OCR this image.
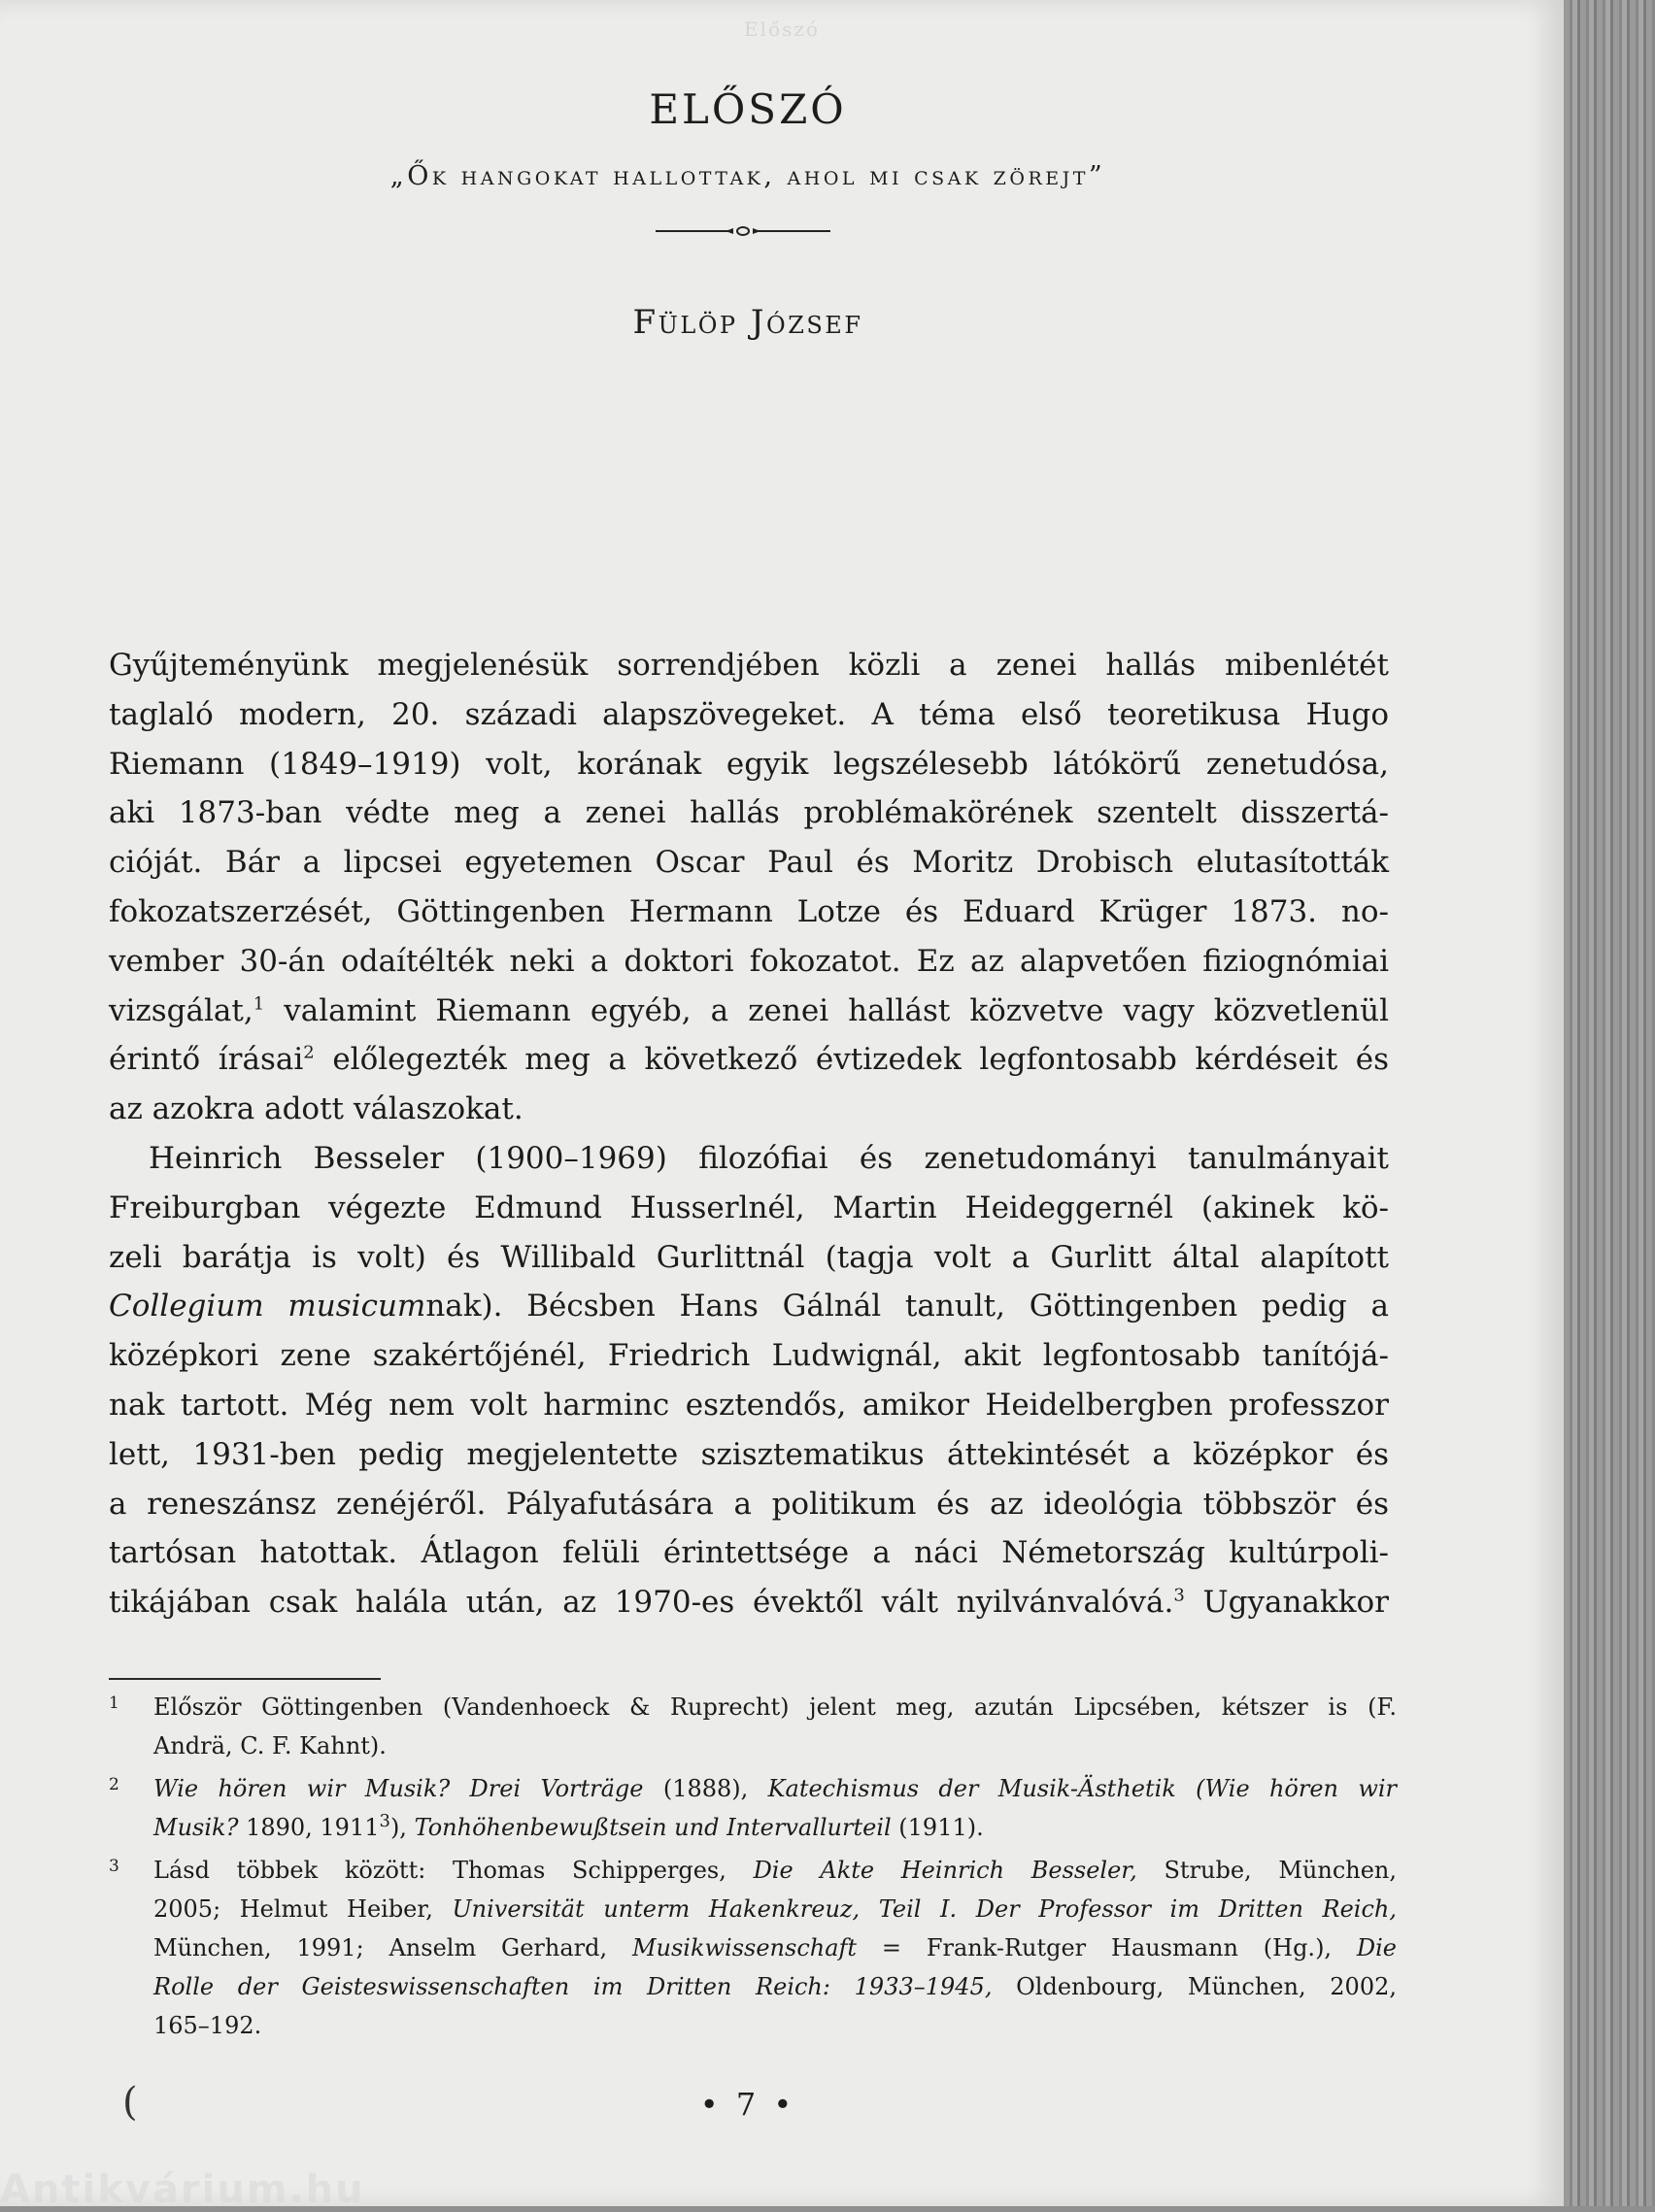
Előszó
ELŐSZÓ
„Ők hangokat hallottak, ahol mi csak zörejt”
Fülöp József
Gyűjteményünk megjelenésük sorrendjében közli a zenei hallás mibenlétét
taglaló modern, 20. századi alapszövegeket. A téma első teoretikusa Hugo
Riemann (1849–1919) volt, korának egyik legszélesebb látókörű zenetudósa,
aki 1873-ban védte meg a zenei hallás problémakörének szentelt disszertá-
cióját. Bár a lipcsei egyetemen Oscar Paul és Moritz Drobisch elutasították
fokozatszerzését, Göttingenben Hermann Lotze és Eduard Krüger 1873. no-
vember 30-án odaítélték neki a doktori fokozatot. Ez az alapvetően fiziognómiai
vizsgálat,$^1$ valamint Riemann egyéb, a zenei hallást közvetve vagy közvetlenül
érintő írásai$^2$ előlegezték meg a következő évtizedek legfontosabb kérdéseit és
az azokra adott válaszokat.
Heinrich Besseler (1900–1969) filozófiai és zenetudományi tanulmányait
Freiburgban végezte Edmund Husserlnél, Martin Heideggernél (akinek kö-
zeli barátja is volt) és Willibald Gurlittnál (tagja volt a Gurlitt által alapított
Collegium musicumnak). Bécsben Hans Gálnál tanult, Göttingenben pedig a
középkori zene szakértőjénél, Friedrich Ludwignál, akit legfontosabb tanítójá-
nak tartott. Még nem volt harminc esztendős, amikor Heidelbergben professzor
lett, 1931-ben pedig megjelentette szisztematikus áttekintését a középkor és
a reneszánsz zenéjéről. Pályafutására a politikum és az ideológia többször és
tartósan hatottak. Átlagon felüli érintettsége a náci Németország kultúrpoli-
tikájában csak halála után, az 1970-es évektől vált nyilvánvalóvá.$^3$ Ugyanakkor
1 Először Göttingenben (Vandenhoeck & Ruprecht) jelent meg, azután Lipcsében, kétszer is (F.
Andrä, C. F. Kahnt).
2 Wie hören wir Musik? Drei Vorträge (1888), Katechismus der Musik-Ästhetik (Wie hören wir
Musik? 1890, 1911$^3$), Tonhöhenbewußtsein und Intervallurteil (1911).
3 Lásd többek között: Thomas Schipperges, Die Akte Heinrich Besseler, Strube, München,
2005; Helmut Heiber, Universität unterm Hakenkreuz, Teil I. Der Professor im Dritten Reich,
München, 1991; Anselm Gerhard, Musikwissenschaft = Frank-Rutger Hausmann (Hg.), Die
Rolle der Geisteswissenschaften im Dritten Reich: 1933–1945, Oldenbourg, München, 2002,
165–192.
(	• 7 •
Antikvárium.hu
